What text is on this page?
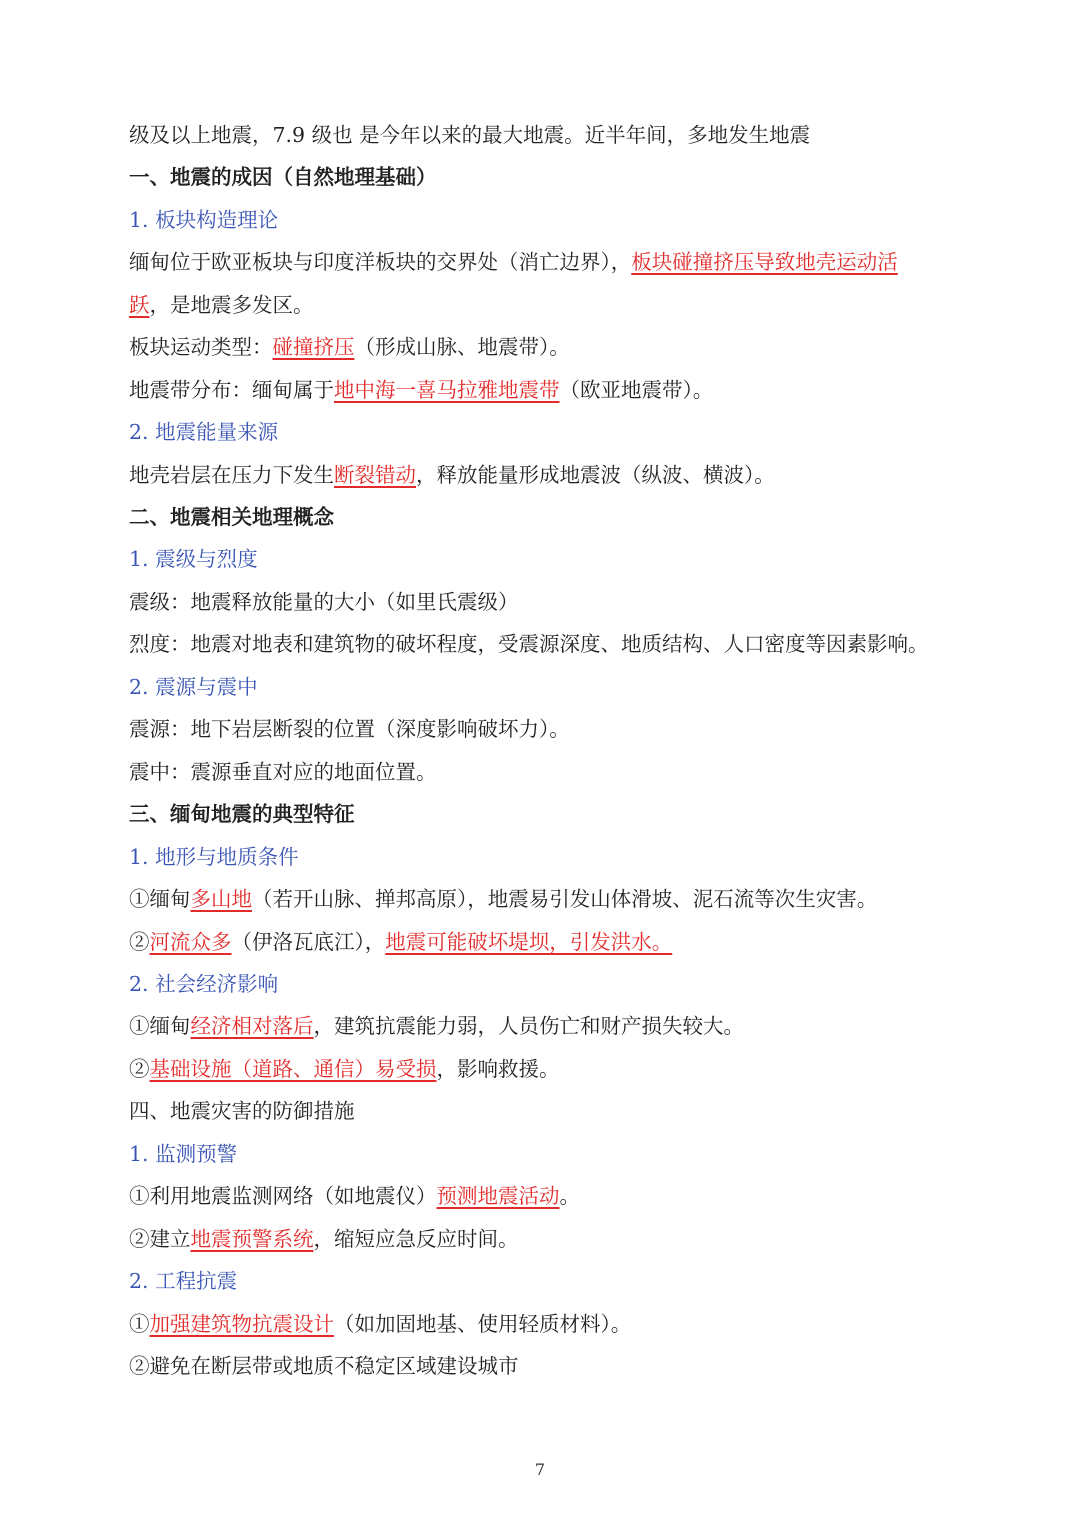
级及以上地震，7.9 级也 是今年以来的最大地震。近半年间，多地发生地震
一、地震的成因（自然地理基础）
1. 板块构造理论
缅甸位于欧亚板块与印度洋板块的交界处（消亡边界），板块碰撞挤压导致地壳运动活
跃，是地震多发区。
板块运动类型：碰撞挤压（形成山脉、地震带）。
地震带分布：缅甸属于地中海一喜马拉雅地震带（欧亚地震带）。
2. 地震能量来源
地壳岩层在压力下发生断裂错动，释放能量形成地震波（纵波、横波）。
二、地震相关地理概念
1. 震级与烈度
震级：地震释放能量的大小（如里氏震级）
烈度：地震对地表和建筑物的破坏程度，受震源深度、地质结构、人口密度等因素影响。
2. 震源与震中
震源：地下岩层断裂的位置（深度影响破坏力）。
震中：震源垂直对应的地面位置。
三、缅甸地震的典型特征
1. 地形与地质条件
①缅甸多山地（若开山脉、掸邦高原），地震易引发山体滑坡、泥石流等次生灾害。
②河流众多（伊洛瓦底江），地震可能破坏堤坝，引发洪水。
2. 社会经济影响
①缅甸经济相对落后，建筑抗震能力弱，人员伤亡和财产损失较大。
②基础设施（道路、通信）易受损，影响救援。
四、地震灾害的防御措施
1. 监测预警
①利用地震监测网络（如地震仪）预测地震活动。
②建立地震预警系统，缩短应急反应时间。
2. 工程抗震
①加强建筑物抗震设计（如加固地基、使用轻质材料）。
②避免在断层带或地质不稳定区域建设城市
7
